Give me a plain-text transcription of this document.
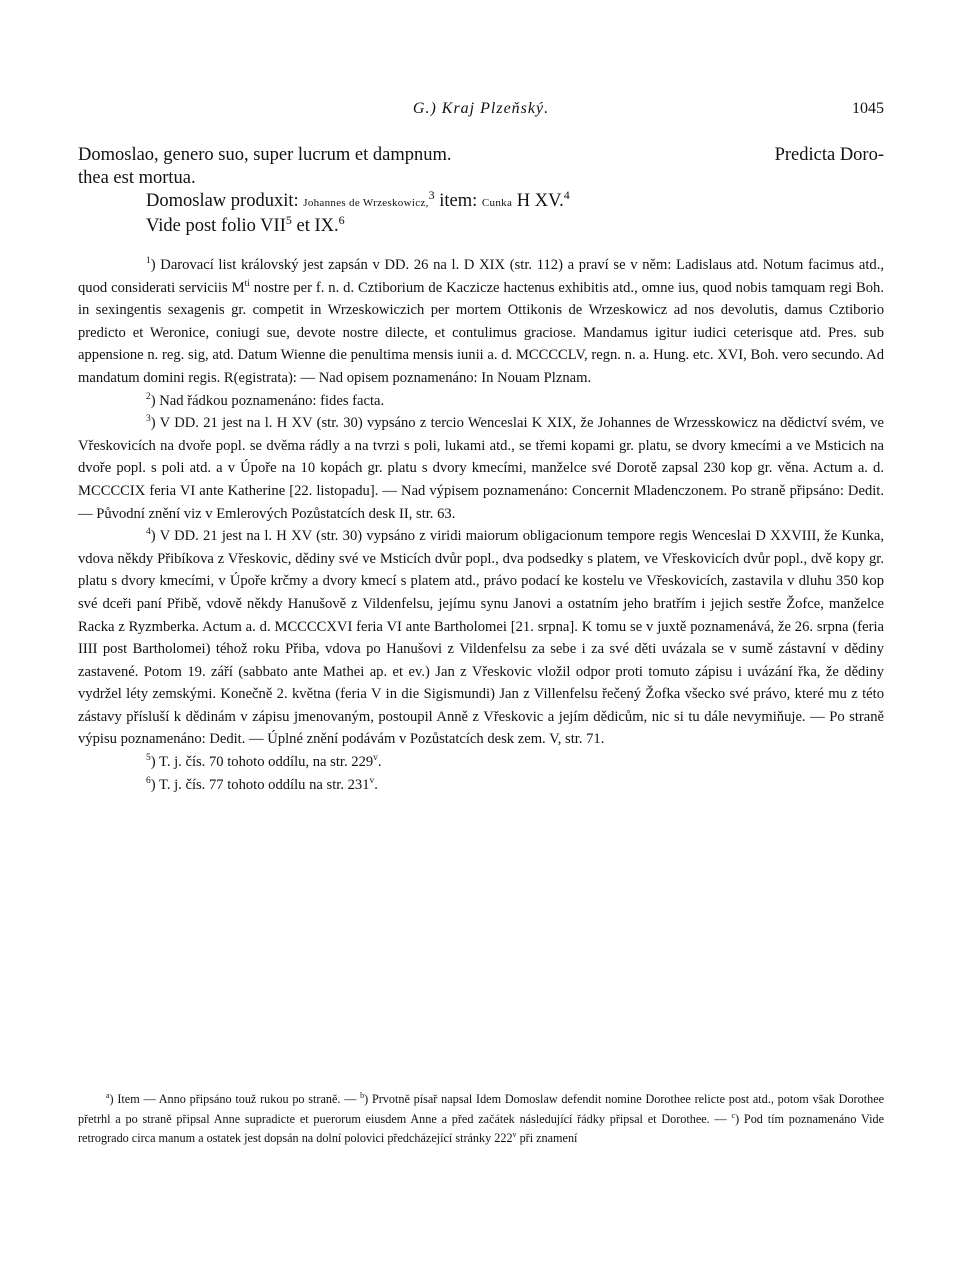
G.) Kraj Plzeňský.	1045

Domoslao, genero suo, super lucrum et dampnum.	Predicta Doro-

thea est mortua.

Domoslaw produxit: Johannes de Wrzeskowicz,$^3$ item: Cunka H XV.$^4$

Vide post folio VII$^5$ et IX.$^6$

$^1$) Darovací list královský jest zapsán v DD. 26 na l. D XIX (str. 112) a praví se v něm: Ladislaus atd. Notum facimus atd., quod considerati serviciis $M^{ti}$ nostre per f. n. d. Cztiborium de Kaczicze hactenus exhibitis atd., omne ius, quod nobis tamquam regi Boh. in sexingentis sexagenis gr. competit in Wrzeskowiczich per mortem Ottikonis de Wrzeskowicz ad nos devolutis, damus Cztiborio predicto et Weronice, coniugi sue, devote nostre dilecte, et contulimus graciose. Mandamus igitur iudici ceterisque atd. Pres. sub appensione n. reg. sig, atd. Datum Wienne die penultima mensis iunii a. d. MCCCCLV, regn. n. a. Hung. etc. XVI, Boh. vero secundo. Ad mandatum domini regis. R(egistrata): — Nad opisem poznamenáno: In Nouam Plznam.

$^2$) Nad řádkou poznamenáno: fides facta.

$^3$) V DD. 21 jest na l. H XV (str. 30) vypsáno z tercio Wenceslai K XIX, že Johannes de Wrzesskowicz na dědictví svém, ve Vřeskovicích na dvoře popl. se dvěma rádly a na tvrzi s poli, lukami atd., se třemi kopami gr. platu, se dvory kmecími a ve Msticich na dvoře popl. s poli atd. a v Úpoře na 10 kopách gr. platu s dvory kmecími, manželce své Dorotě zapsal 230 kop gr. věna. Actum a. d. MCCCCIX feria VI ante Katherine [22. listopadu]. — Nad výpisem poznamenáno: Concernit Mladenczonem. Po straně připsáno: Dedit. — Původní znění viz v Emlerových Pozůstatcích desk II, str. 63.

$^4$) V DD. 21 jest na l. H XV (str. 30) vypsáno z viridi maiorum obligacionum tempore regis Wenceslai D XXVIII, že Kunka, vdova někdy Přibíkova z Vřeskovic, dědiny své ve Msticích dvůr popl., dva podsedky s platem, ve Vřeskovicích dvůr popl., dvě kopy gr. platu s dvory kmecími, v Úpoře krčmy a dvory kmecí s platem atd., právo podací ke kostelu ve Vřeskovicích, zastavila v dluhu 350 kop své dceři paní Přibě, vdově někdy Hanušově z Vildenfelsu, jejímu synu Janovi a ostatním jeho bratřím i jejich sestře Žofce, manželce Racka z Ryzmberka. Actum a. d. MCCCCXVI feria VI ante Bartholomei [21. srpna]. K tomu se v juxtě poznamenává, že 26. srpna (feria IIII post Bartholomei) téhož roku Přiba, vdova po Hanušovi z Vildenfelsu za sebe i za své děti uvázala se v sumě zástavní v dědiny zastavené. Potom 19. září (sabbato ante Mathei ap. et ev.) Jan z Vřeskovic vložil odpor proti tomuto zápisu i uvázání řka, že dědiny vydržel léty zemskými. Konečně 2. května (feria V in die Sigismundi) Jan z Villenfelsu řečený Žofka všecko své právo, které mu z této zástavy přísluší k dědinám v zápisu jmenovaným, postoupil Anně z Vřeskovic a jejím dědicům, nic si tu dále nevymiňuje. — Po straně výpisu poznamenáno: Dedit. — Úplné znění podávám v Pozůstatcích desk zem. V, str. 71.

$^5$) T. j. čís. 70 tohoto oddílu, na str. 229$^v$.

$^6$) T. j. čís. 77 tohoto oddílu na str. 231$^v$.

$^a$) Item — Anno připsáno touž rukou po straně. — $^b$) Prvotně písař napsal Idem Domoslaw defendit nomine Dorothee relicte post atd., potom však Dorothee přetrhl a po straně připsal Anne supradicte et puerorum eiusdem Anne a před začátek následující řádky připsal et Dorothee. — $^c$) Pod tím poznamenáno Vide retrogrado circa manum a ostatek jest dopsán na dolní polovici předcházející stránky 222$^v$ při znamení
